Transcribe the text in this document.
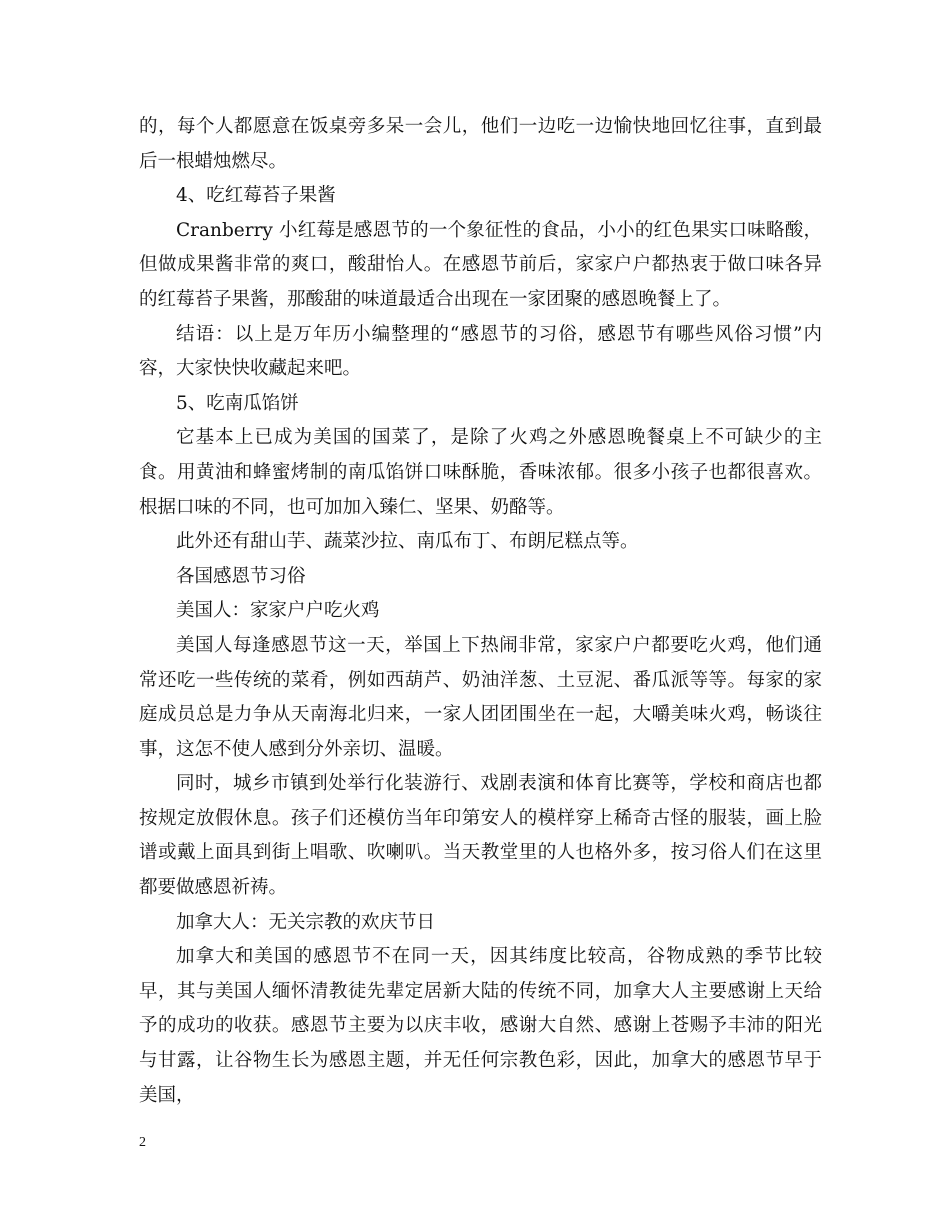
的，每个人都愿意在饭桌旁多呆一会儿，他们一边吃一边愉快地回忆往事，直到最后一根蜡烛燃尽。

4、吃红莓苔子果酱

Cranberry 小红莓是感恩节的一个象征性的食品，小小的红色果实口味略酸，但做成果酱非常的爽口，酸甜怡人。在感恩节前后，家家户户都热衷于做口味各异的红莓苔子果酱，那酸甜的味道最适合出现在一家团聚的感恩晚餐上了。

结语：以上是万年历小编整理的“感恩节的习俗，感恩节有哪些风俗习惯”内容，大家快快收藏起来吧。

5、吃南瓜馅饼

它基本上已成为美国的国菜了，是除了火鸡之外感恩晚餐桌上不可缺少的主食。用黄油和蜂蜜烤制的南瓜馅饼口味酥脆，香味浓郁。很多小孩子也都很喜欢。根据口味的不同，也可加加入臻仁、坚果、奶酪等。

此外还有甜山芋、蔬菜沙拉、南瓜布丁、布朗尼糕点等。

各国感恩节习俗

美国人：家家户户吃火鸡

美国人每逢感恩节这一天，举国上下热闹非常，家家户户都要吃火鸡，他们通常还吃一些传统的菜肴，例如西葫芦、奶油洋葱、土豆泥、番瓜派等等。每家的家庭成员总是力争从天南海北归来，一家人团团围坐在一起，大嚼美味火鸡，畅谈往事，这怎不使人感到分外亲切、温暖。

同时，城乡市镇到处举行化装游行、戏剧表演和体育比赛等，学校和商店也都按规定放假休息。孩子们还模仿当年印第安人的模样穿上稀奇古怪的服装，画上脸谱或戴上面具到街上唱歌、吹喇叭。当天教堂里的人也格外多，按习俗人们在这里都要做感恩祈祷。

加拿大人：无关宗教的欢庆节日

加拿大和美国的感恩节不在同一天，因其纬度比较高，谷物成熟的季节比较早，其与美国人缅怀清教徒先辈定居新大陆的传统不同，加拿大人主要感谢上天给予的成功的收获。感恩节主要为以庆丰收，感谢大自然、感谢上苍赐予丰沛的阳光与甘露，让谷物生长为感恩主题，并无任何宗教色彩，因此，加拿大的感恩节早于美国，

2
